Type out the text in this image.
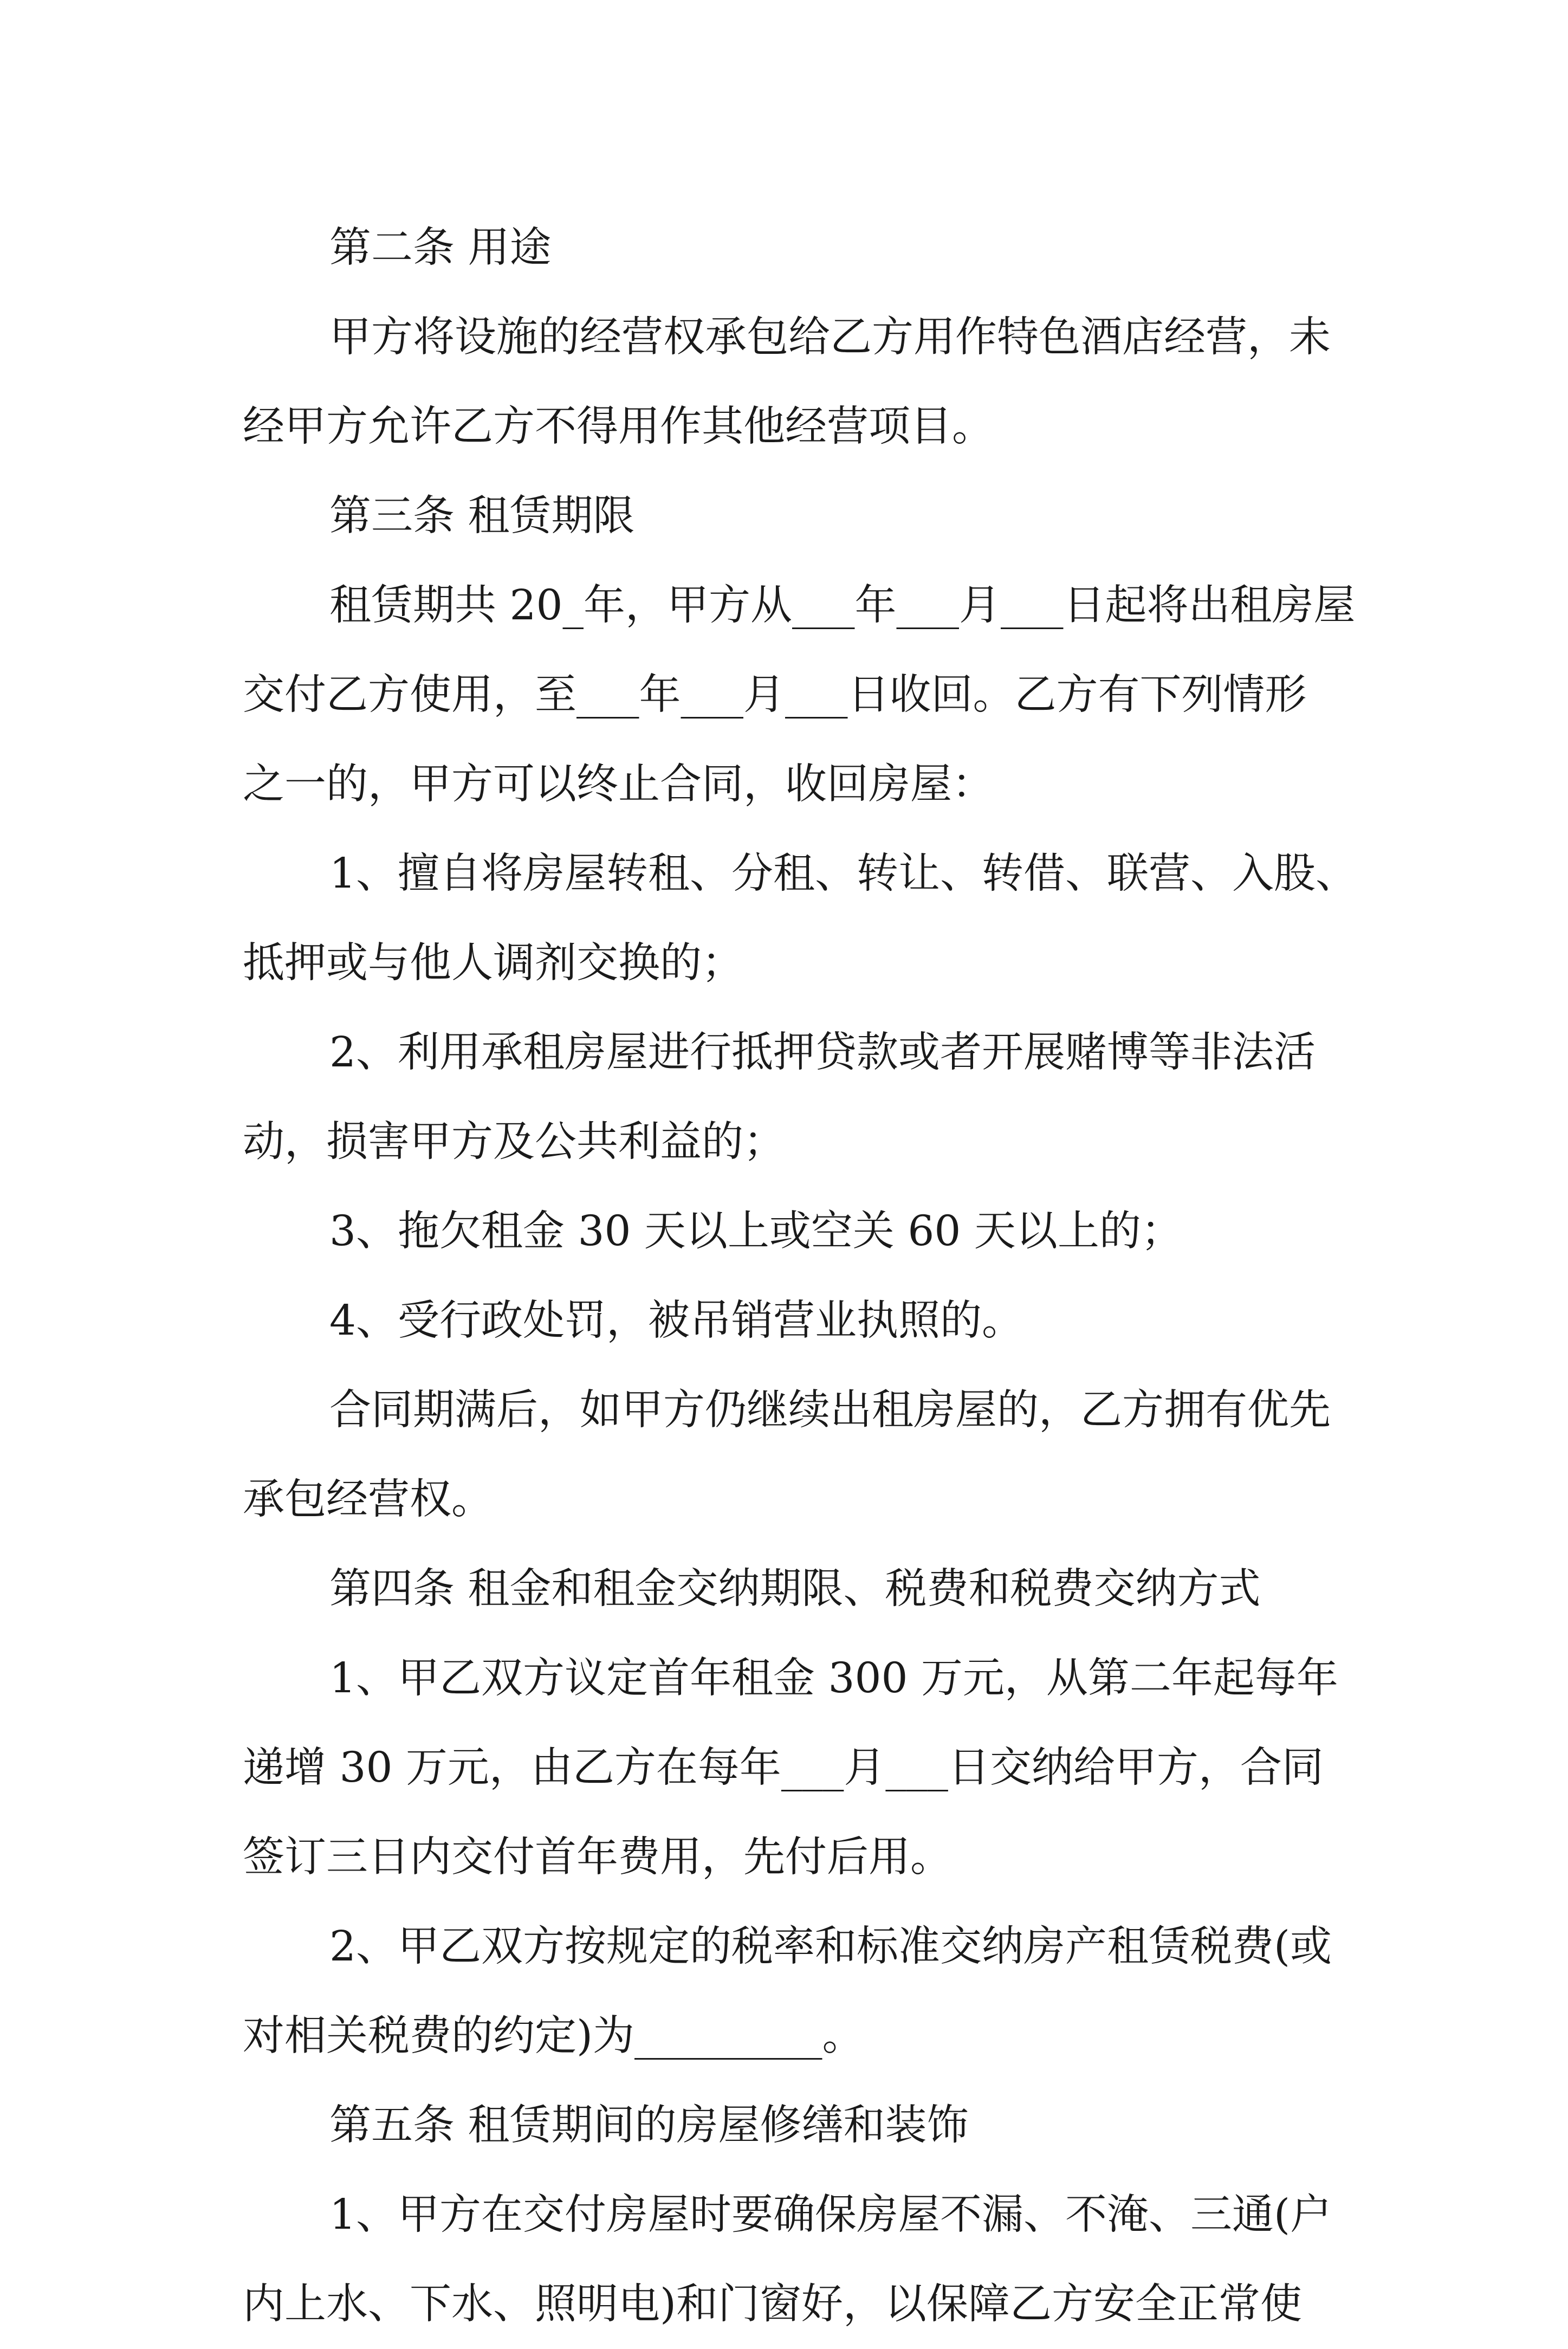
第二条 用途
甲方将设施的经营权承包给乙方用作特色酒店经营，未
经甲方允许乙方不得用作其他经营项目。
第三条 租赁期限
租赁期共 20_年，甲方从___年___月___日起将出租房屋
交付乙方使用，至___年___月___日收回。乙方有下列情形
之一的，甲方可以终止合同，收回房屋：
1、擅自将房屋转租、分租、转让、转借、联营、入股、
抵押或与他人调剂交换的；
2、利用承租房屋进行抵押贷款或者开展赌博等非法活
动，损害甲方及公共利益的；
3、拖欠租金 30 天以上或空关 60 天以上的；
4、受行政处罚，被吊销营业执照的。
合同期满后，如甲方仍继续出租房屋的，乙方拥有优先
承包经营权。
第四条 租金和租金交纳期限、税费和税费交纳方式
1、甲乙双方议定首年租金 300 万元，从第二年起每年
递增 30 万元，由乙方在每年___月___日交纳给甲方，合同
签订三日内交付首年费用，先付后用。
2、甲乙双方按规定的税率和标准交纳房产租赁税费(或
对相关税费的约定)为_________。
第五条 租赁期间的房屋修缮和装饰
1、甲方在交付房屋时要确保房屋不漏、不淹、三通(户
内上水、下水、照明电)和门窗好，以保障乙方安全正常使
